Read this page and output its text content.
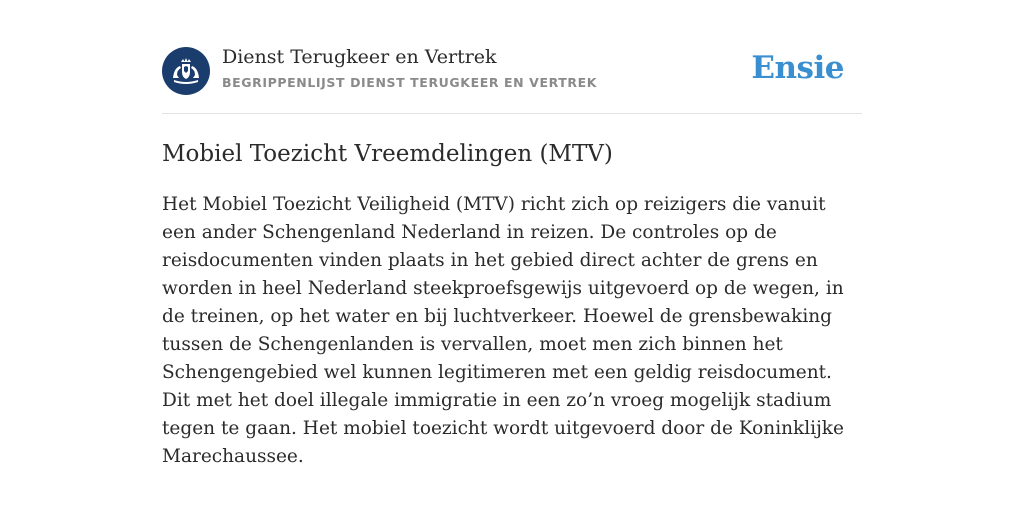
Dienst Terugkeer en Vertrek
BEGRIPPENLIJST DIENST TERUGKEER EN VERTREK	Ensie
Mobiel Toezicht Vreemdelingen (MTV)

Het Mobiel Toezicht Veiligheid (MTV) richt zich op reizigers die vanuit een ander Schengenland Nederland in reizen. De controles op de reisdocumenten vinden plaats in het gebied direct achter de grens en worden in heel Nederland steekproefsgewijs uitgevoerd op de wegen, in de treinen, op het water en bij luchtverkeer. Hoewel de grensbewaking tussen de Schengenlanden is vervallen, moet men zich binnen het Schengengebied wel kunnen legitimeren met een geldig reisdocument. Dit met het doel illegale immigratie in een zo’n vroeg mogelijk stadium tegen te gaan. Het mobiel toezicht wordt uitgevoerd door de Koninklijke Marechaussee.
